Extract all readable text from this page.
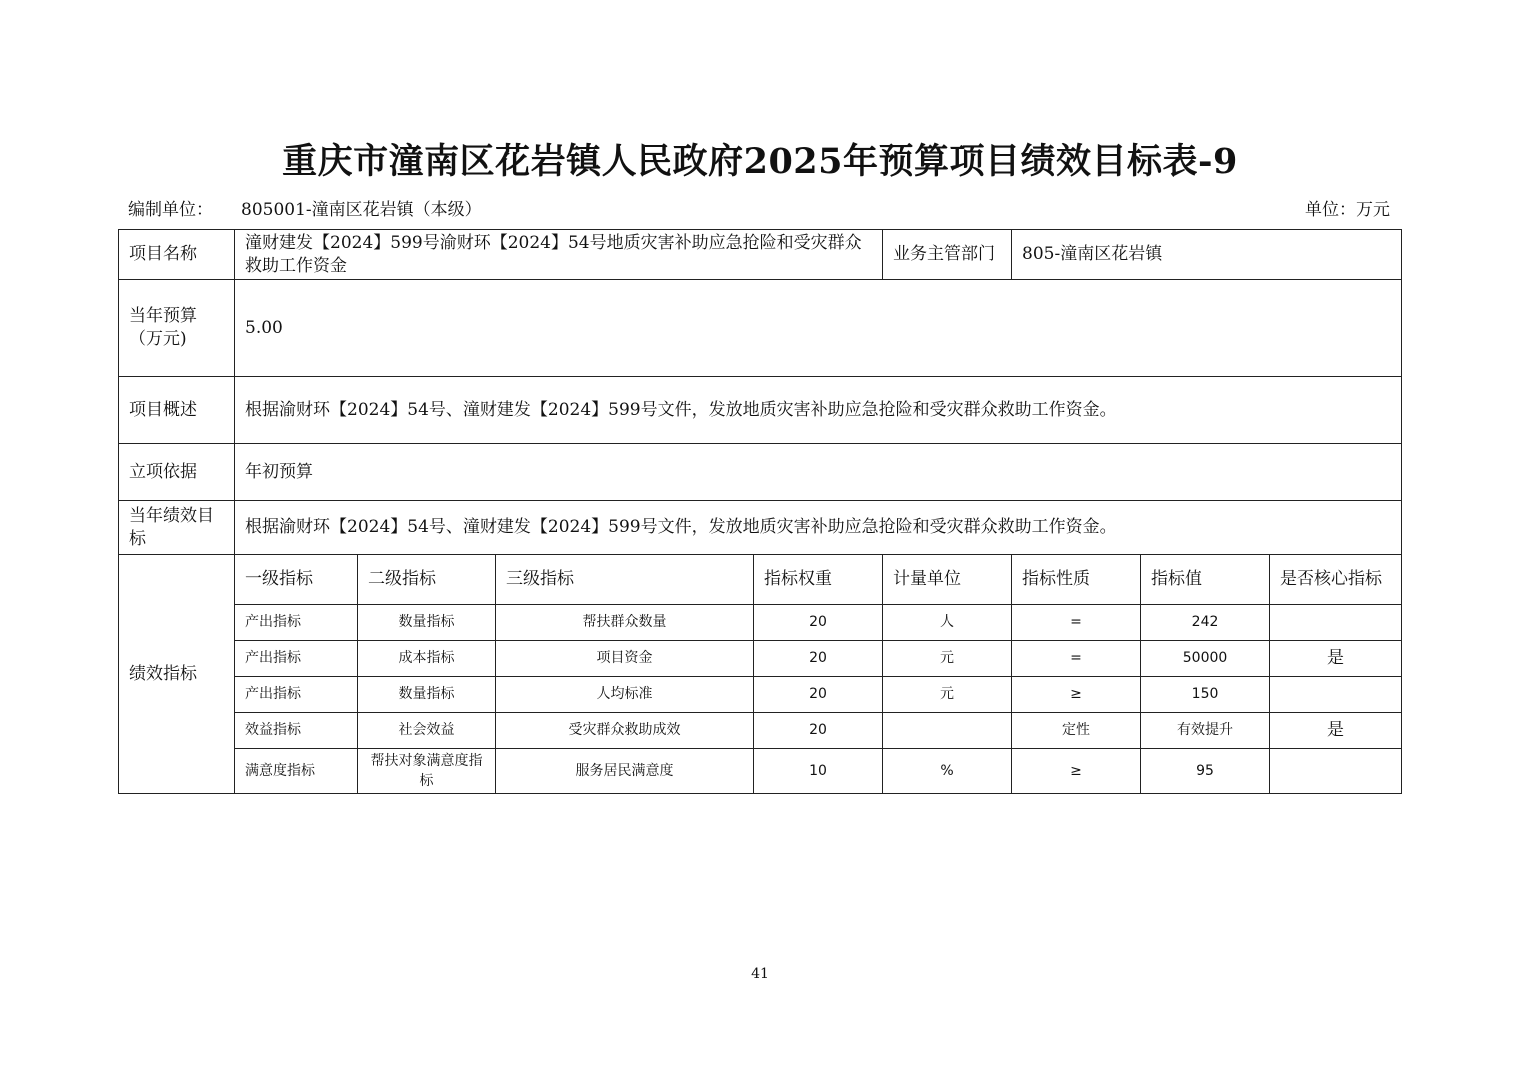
重庆市潼南区花岩镇人民政府2025年预算项目绩效目标表-9
编制单位： 805001-潼南区花岩镇（本级）	单位：万元
项目名称	潼财建发【2024】599号渝财环【2024】54号地质灾害补助应急抢险和受灾群众救助工作资金				业务主管部门	805-潼南区花岩镇		
当年预算（万元)	5.00							
项目概述	根据渝财环【2024】54号、潼财建发【2024】599号文件，发放地质灾害补助应急抢险和受灾群众救助工作资金。							
立项依据	年初预算							
当年绩效目标	根据渝财环【2024】54号、潼财建发【2024】599号文件，发放地质灾害补助应急抢险和受灾群众救助工作资金。							
绩效指标	一级指标	二级指标	三级指标	指标权重	计量单位	指标性质	指标值	是否核心指标
	产出指标	数量指标	帮扶群众数量	20	人	=	242	
	产出指标	成本指标	项目资金	20	元	=	50000	是
	产出指标	数量指标	人均标准	20	元	≥	150	
	效益指标	社会效益	受灾群众救助成效	20		定性	有效提升	是
	满意度指标	帮扶对象满意度指标	服务居民满意度	10	%	≥	95	
41
